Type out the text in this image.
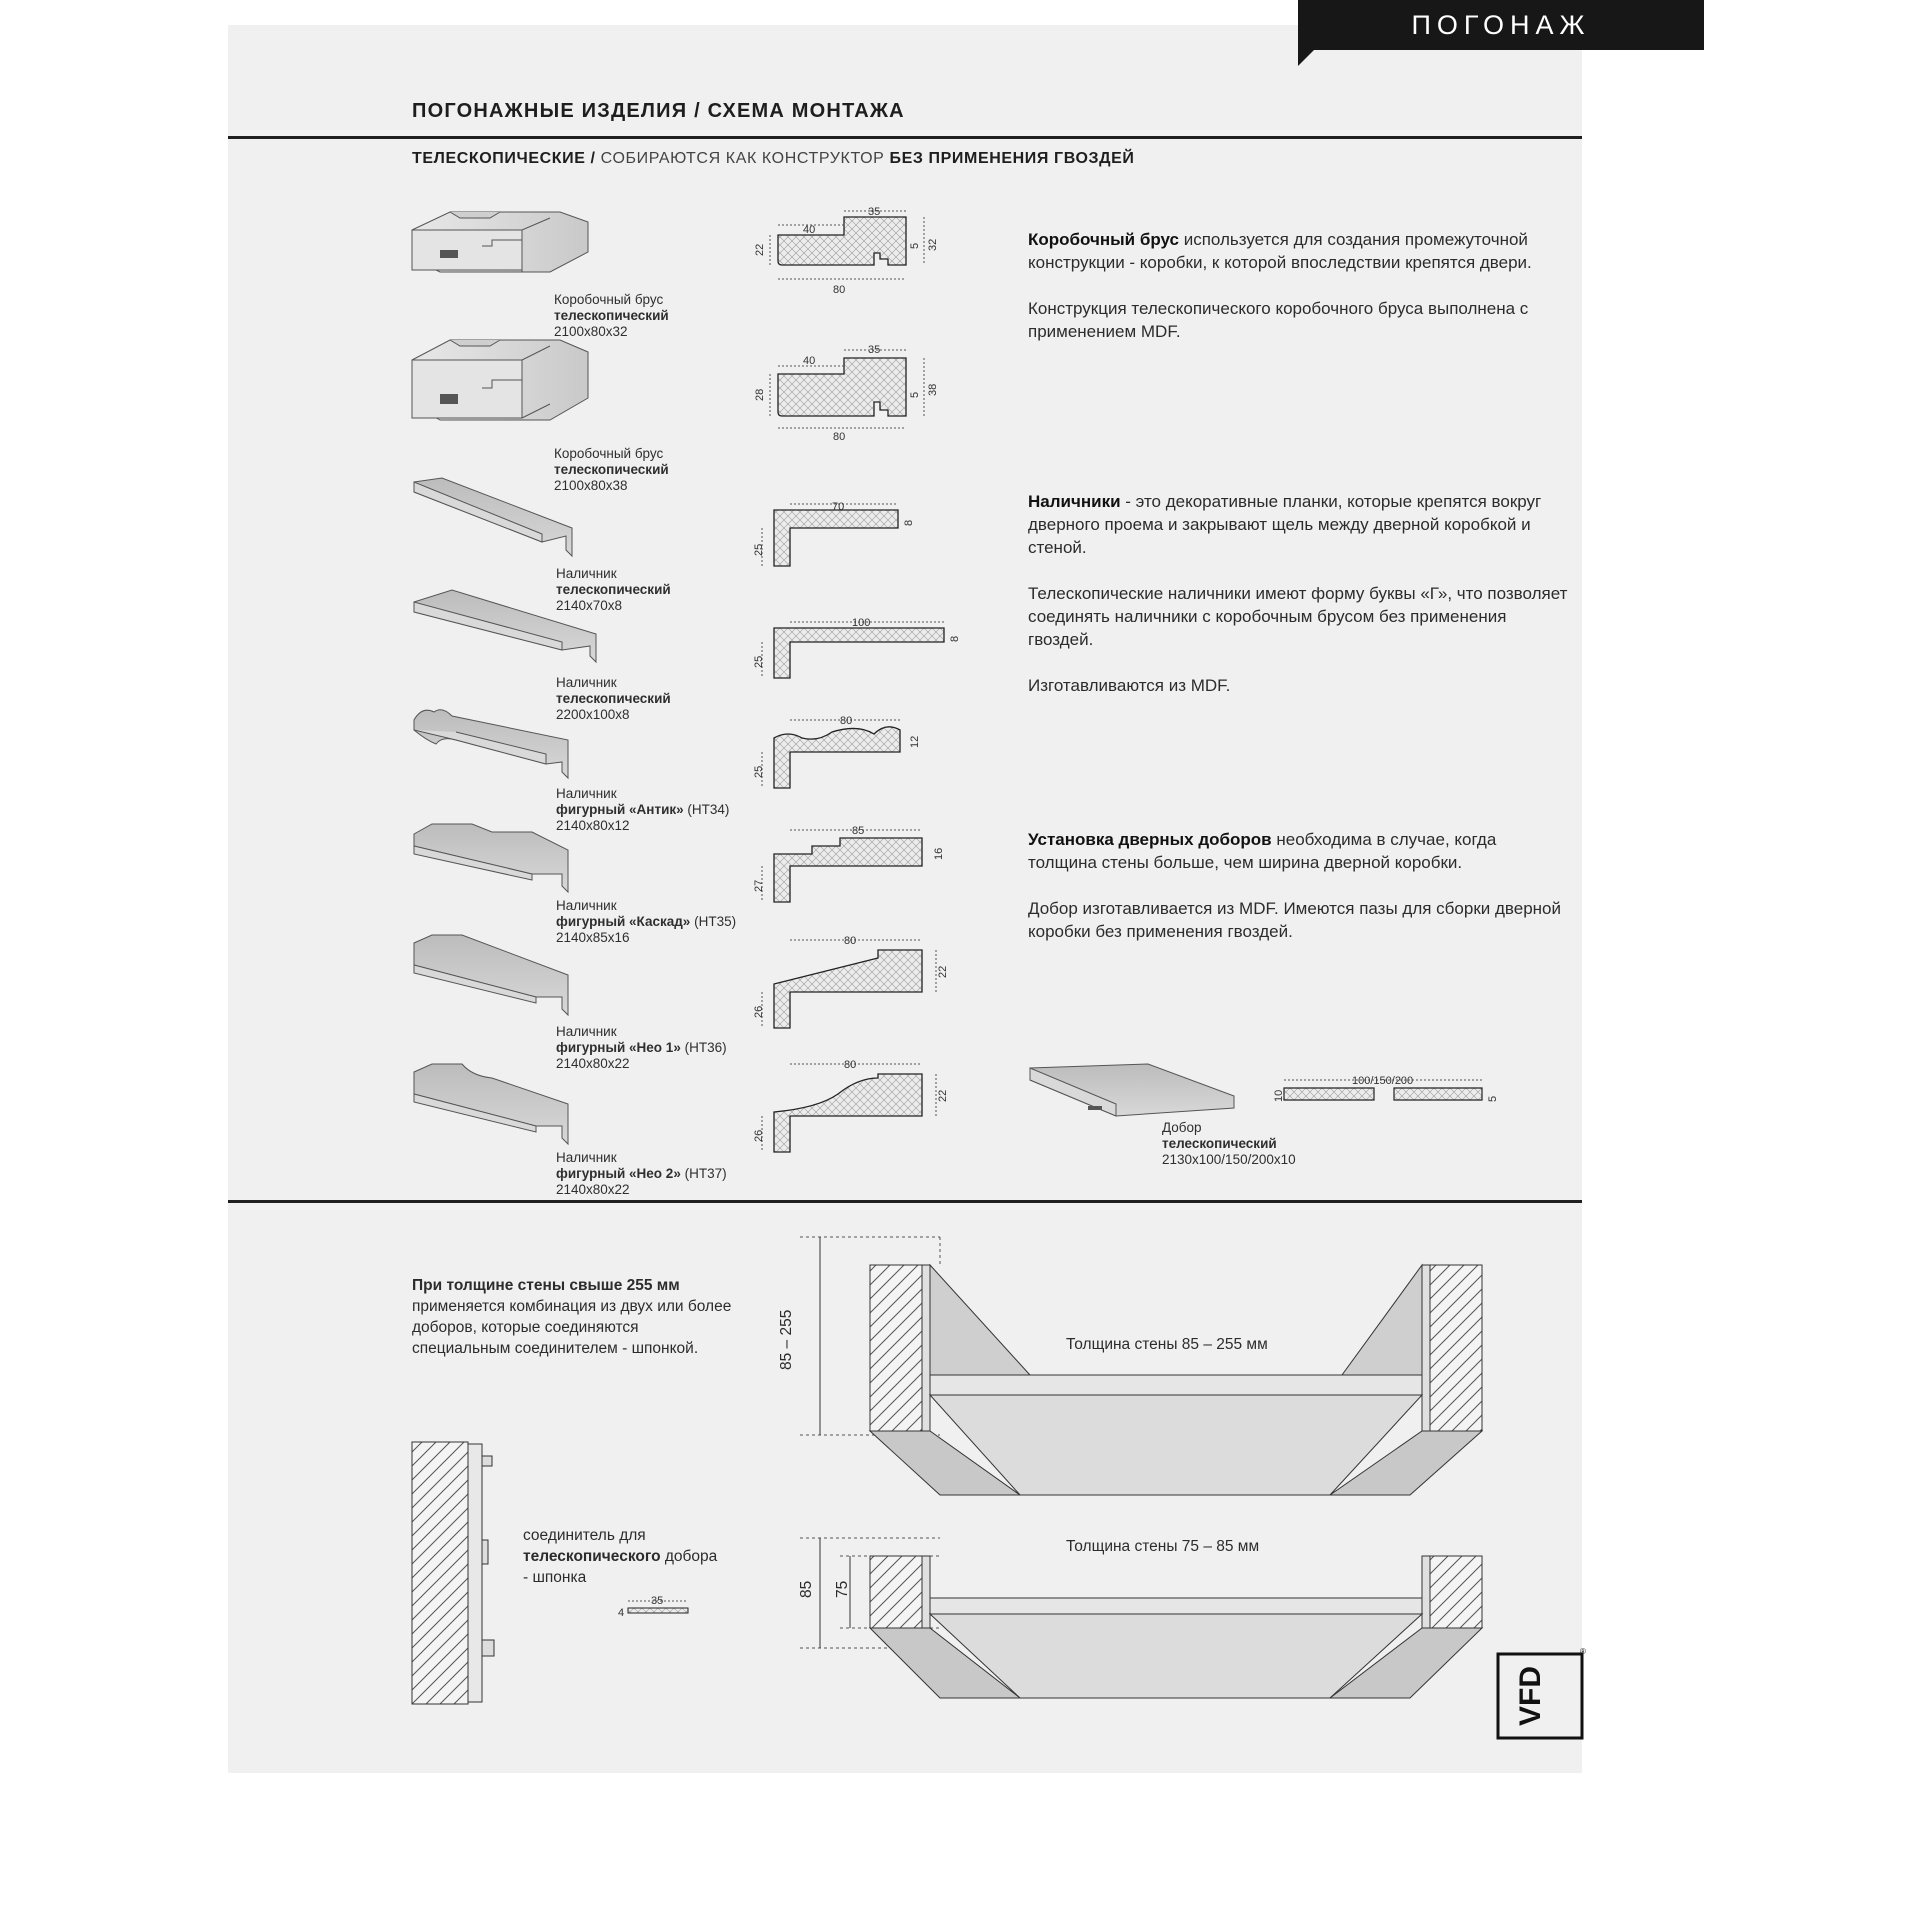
ПОГОНАЖ
ПОГОНАЖНЫЕ ИЗДЕЛИЯ / СХЕМА МОНТАЖА
ТЕЛЕСКОПИЧЕСКИЕ / СОБИРАЮТСЯ КАК КОНСТРУКТОР БЕЗ ПРИМЕНЕНИЯ ГВОЗДЕЙ
Коробочный брус
телескопический
2100x80x32
40
35
80
22	32
5
Коробочный брус
телескопический
2100x80x38
40
35
80
28	38
5
Наличник
телескопический
2140x70x8
70
25
8
Наличник
телескопический
2200x100x8
100
25
8
Наличник
фигурный «Антик» (НТ34)
2140x80x12
80
25
12
Наличник
фигурный «Каскад» (НТ35)
2140x85x16
85
27
16
Наличник
фигурный «Нео 1» (НТ36)
2140x80x22
80
26
22
Наличник
фигурный «Нео 2» (НТ37)
2140x80x22
80
26
22

Коробочный брус используется для создания промежуточной конструкции - коробки, к которой впоследствии крепятся двери.

Конструкция телескопического коробочного бруса выполнена с применением MDF.

Наличники - это декоративные планки, которые крепятся вокруг дверного проема и закрывают щель между дверной коробкой и стеной.

Телескопические наличники имеют форму буквы «Г», что позволяет соединять наличники с коробочным брусом без применения гвоздей.

Изготавливаются из MDF.

Установка дверных доборов необходима в случае, когда толщина стены больше, чем ширина дверной коробки.

Добор изготавливается из MDF. Имеются пазы для сборки дверной коробки без применения гвоздей.

100/150/200
10	5
Добор
телескопический
2130x100/150/200x10
При толщине стены свыше 255 мм применяется комбинация из двух или более доборов, которые соединяются специальным соединителем - шпонкой.
соединитель для телескопического добора - шпонка
35
4
Толщина стены 85 – 255 мм
85 – 255
Толщина стены 75 – 85 мм
85 75
VFD
®
